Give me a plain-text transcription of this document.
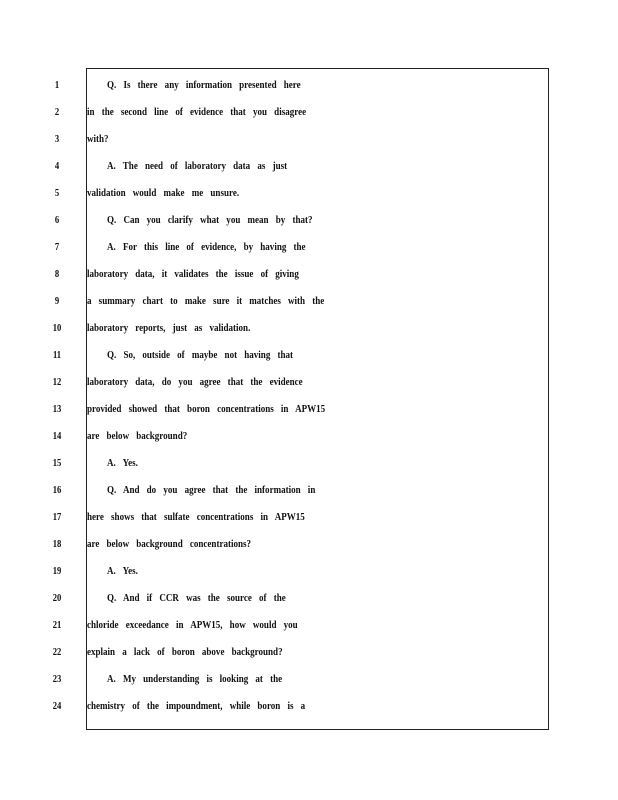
1	Q. Is there any information presented here
2	in the second line of evidence that you disagree
3	with?
4	A. The need of laboratory data as just
5	validation would make me unsure.
6	Q. Can you clarify what you mean by that?
7	A. For this line of evidence, by having the
8	laboratory data, it validates the issue of giving
9	a summary chart to make sure it matches with the
10	laboratory reports, just as validation.
11	Q. So, outside of maybe not having that
12	laboratory data, do you agree that the evidence
13	provided showed that boron concentrations in APW15
14	are below background?
15	A. Yes.
16	Q. And do you agree that the information in
17	here shows that sulfate concentrations in APW15
18	are below background concentrations?
19	A. Yes.
20	Q. And if CCR was the source of the
21	chloride exceedance in APW15, how would you
22	explain a lack of boron above background?
23	A. My understanding is looking at the
24	chemistry of the impoundment, while boron is a
